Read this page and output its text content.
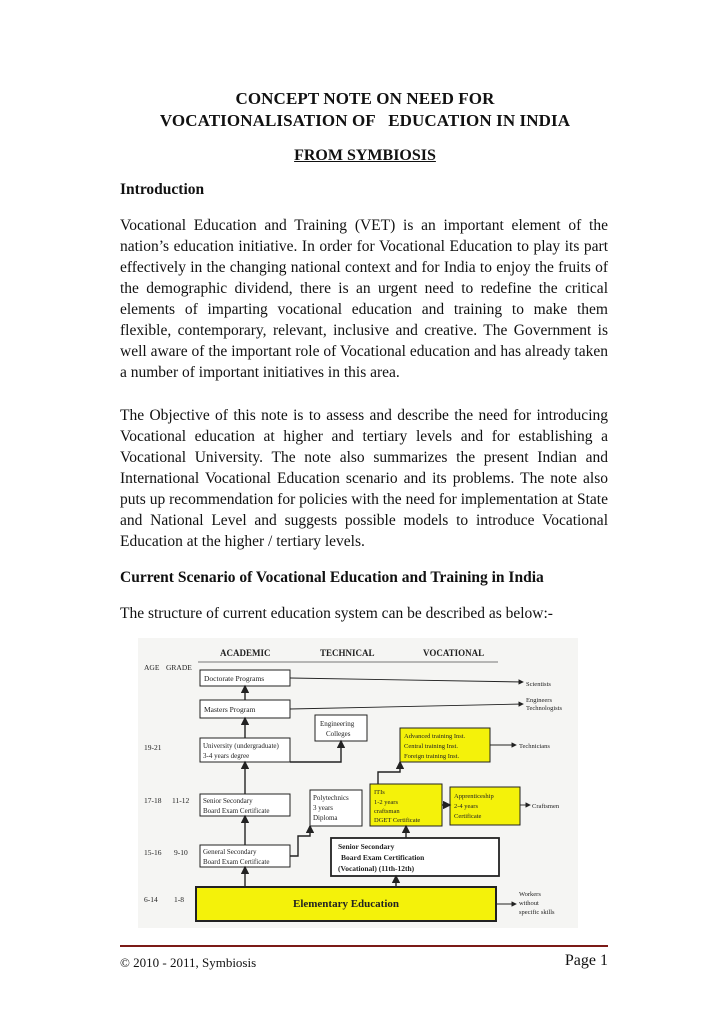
CONCEPT NOTE ON NEED FOR
VOCATIONALISATION OF   EDUCATION IN INDIA
FROM SYMBIOSIS
Introduction
Vocational Education and Training (VET) is an important element of the nation’s education initiative. In order for Vocational Education to play its part effectively in the changing national context and for India to enjoy the fruits of the demographic dividend, there is an urgent need to redefine the critical elements of imparting vocational education and training to make them flexible, contemporary, relevant, inclusive and creative. The Government is well aware of the important role of Vocational education and has already taken a number of important initiatives in this area.
The Objective of this note is to assess and describe the need for introducing Vocational education at higher and tertiary levels and for establishing a Vocational University. The note also summarizes the present Indian and International Vocational Education scenario and its problems. The note also puts up recommendation for policies with the need for implementation at State and National Level and suggests possible models to introduce Vocational Education at the higher / tertiary levels.
Current Scenario of Vocational Education and Training in India
The structure of current education system can be described as below:-
ACADEMIC	TECHNICAL	VOCATIONAL
AGE GRADE
19-21
17-18 11-12
15-16 9-10
6-14 1-8
Doctorate Programs
Masters Program
University (undergraduate)
3-4 years degree
Engineering
Colleges	Advanced training Inst.
Central training Inst.
Foreign training Inst.
Senior Secondary
Board Exam Certificate
Polytechnics
3 years
Diploma
ITIs
1-2 years
craftsman
DGET Certificate
Apprenticeship
2-4 years
Certificate
General Secondary
Board Exam Certificate
Senior Secondary
Board Exam Certification
(Vocational) (11th-12th)
Elementary Education
Scientists
Engineers
Technologists
Technicians
Craftsmen
Workers
without
specific skills
© 2010 - 2011, Symbiosis	Page 1
